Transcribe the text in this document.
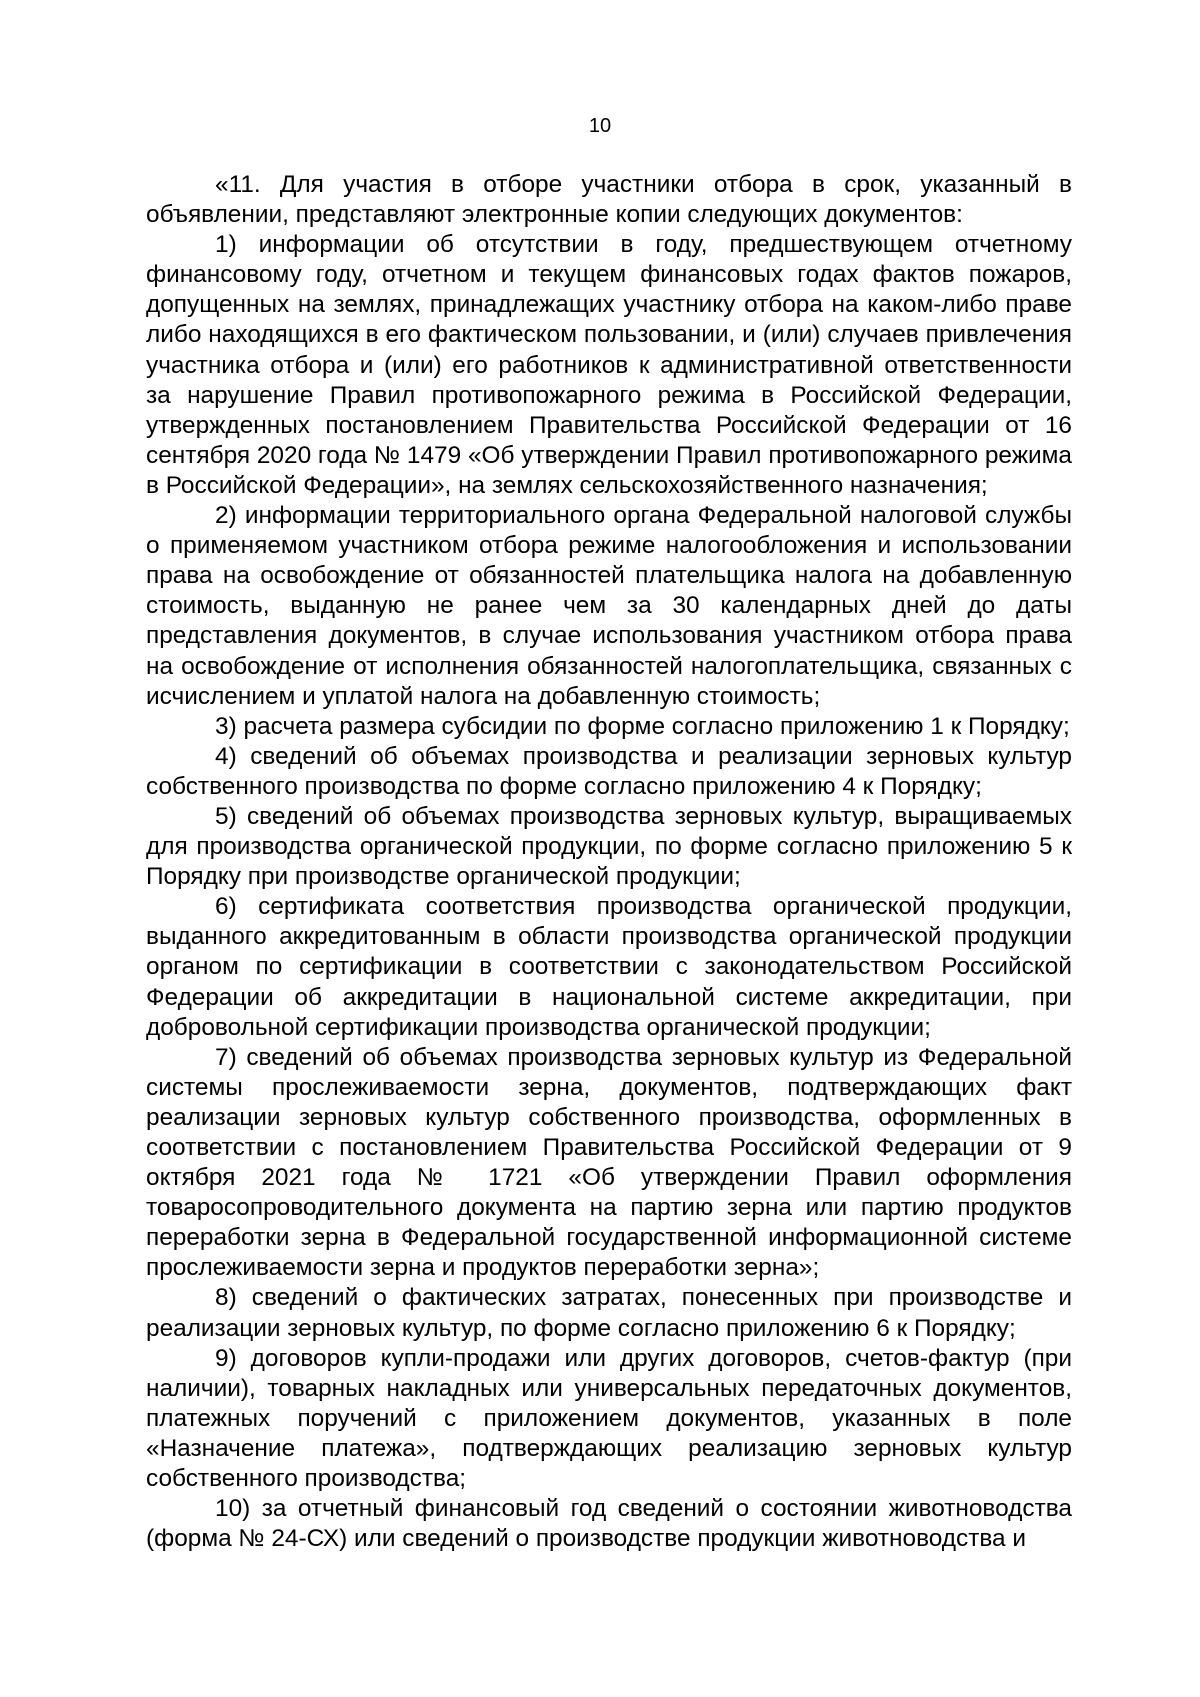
10

«11. Для участия в отборе участники отбора в срок, указанный в объявлении, представляют электронные копии следующих документов:

1) информации об отсутствии в году, предшествующем отчетному финансовому году, отчетном и текущем финансовых годах фактов пожаров, допущенных на землях, принадлежащих участнику отбора на каком-либо праве либо находящихся в его фактическом пользовании, и (или) случаев привлечения участника отбора и (или) его работников к административной ответственности за нарушение Правил противопожарного режима в Российской Федерации, утвержденных постановлением Правительства Российской Федерации от 16 сентября 2020 года № 1479 «Об утверждении Правил противопожарного режима в Российской Федерации», на землях сельскохозяйственного назначения;

2) информации территориального органа Федеральной налоговой службы о применяемом участником отбора режиме налогообложения и использовании права на освобождение от обязанностей плательщика налога на добавленную стоимость, выданную не ранее чем за 30 календарных дней до даты представления документов, в случае использования участником отбора права на освобождение от исполнения обязанностей налогоплательщика, связанных с исчислением и уплатой налога на добавленную стоимость;

3) расчета размера субсидии по форме согласно приложению 1 к Порядку;

4) сведений об объемах производства и реализации зерновых культур собственного производства по форме согласно приложению 4 к Порядку;

5) сведений об объемах производства зерновых культур, выращиваемых для производства органической продукции, по форме согласно приложению 5 к Порядку при производстве органической продукции;

6) сертификата соответствия производства органической продукции, выданного аккредитованным в области производства органической продукции органом по сертификации в соответствии с законодательством Российской Федерации об аккредитации в национальной системе аккредитации, при добровольной сертификации производства органической продукции;

7) сведений об объемах производства зерновых культур из Федеральной системы прослеживаемости зерна, документов, подтверждающих факт реализации зерновых культур собственного производства, оформленных в соответствии с постановлением Правительства Российской Федерации от 9 октября 2021 года № 1721 «Об утверждении Правил оформления товаросопроводительного документа на партию зерна или партию продуктов переработки зерна в Федеральной государственной информационной системе прослеживаемости зерна и продуктов переработки зерна»;

8) сведений о фактических затратах, понесенных при производстве и реализации зерновых культур, по форме согласно приложению 6 к Порядку;

9) договоров купли-продажи или других договоров, счетов-фактур (при наличии), товарных накладных или универсальных передаточных документов, платежных поручений с приложением документов, указанных в поле «Назначение платежа», подтверждающих реализацию зерновых культур собственного производства;

10) за отчетный финансовый год сведений о состоянии животноводства (форма № 24-СХ) или сведений о производстве продукции животноводства и
